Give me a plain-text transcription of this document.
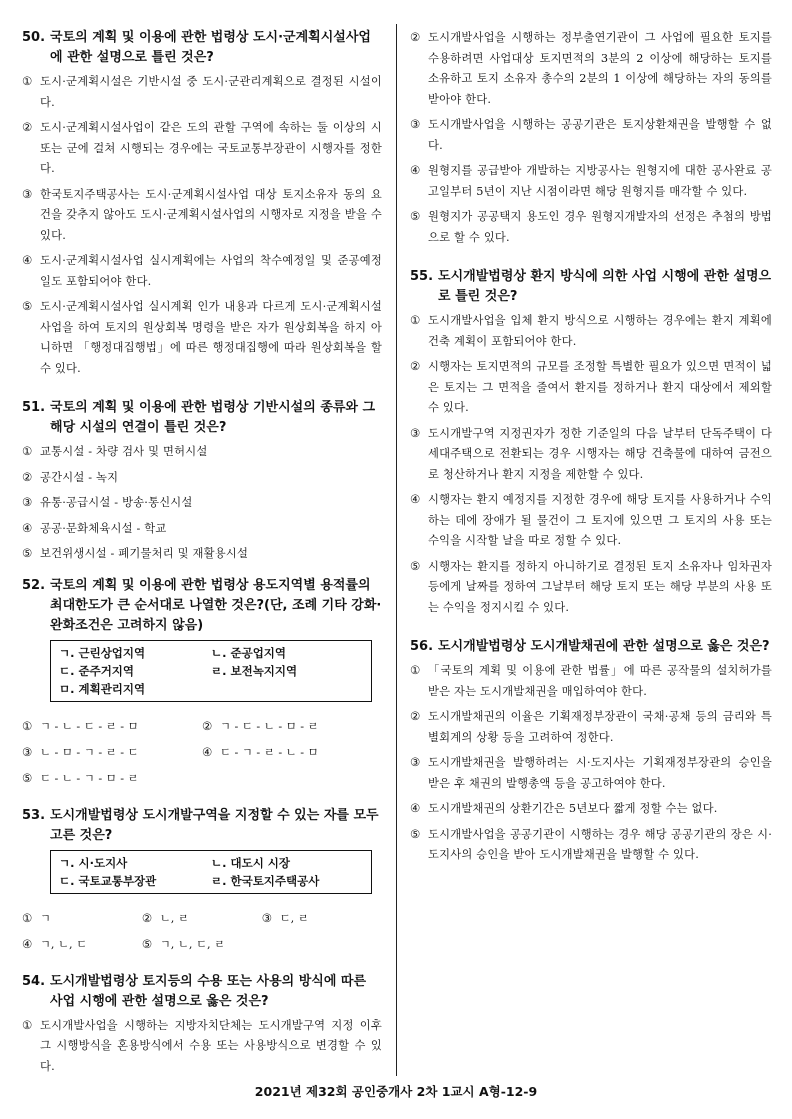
50. 국토의 계획 및 이용에 관한 법령상 도시·군계획시설사업에 관한 설명으로 틀린 것은?
① 도시·군계획시설은 기반시설 중 도시·군관리계획으로 결정된 시설이다.
② 도시·군계획시설사업이 같은 도의 관할 구역에 속하는 둘 이상의 시 또는 군에 걸쳐 시행되는 경우에는 국토교통부장관이 시행자를 정한다.
③ 한국토지주택공사는 도시·군계획시설사업 대상 토지소유자 동의 요건을 갖추지 않아도 도시·군계획시설사업의 시행자로 지정을 받을 수 있다.
④ 도시·군계획시설사업 실시계획에는 사업의 착수예정일 및 준공예정일도 포함되어야 한다.
⑤ 도시·군계획시설사업 실시계획 인가 내용과 다르게 도시·군계획시설사업을 하여 토지의 원상회복 명령을 받은 자가 원상회복을 하지 아니하면 「행정대집행법」에 따른 행정대집행에 따라 원상회복을 할 수 있다.
51. 국토의 계획 및 이용에 관한 법령상 기반시설의 종류와 그 해당 시설의 연결이 틀린 것은?
① 교통시설 - 차량 검사 및 면허시설
② 공간시설 - 녹지
③ 유통·공급시설 - 방송·통신시설
④ 공공·문화체육시설 - 학교
⑤ 보건위생시설 - 폐기물처리 및 재활용시설
52. 국토의 계획 및 이용에 관한 법령상 용도지역별 용적률의 최대한도가 큰 순서대로 나열한 것은?(단, 조례 기타 강화·완화조건은 고려하지 않음)
ㄱ. 근린상업지역	ㄴ. 준공업지역
ㄷ. 준주거지역	ㄹ. 보전녹지지역
ㅁ. 계획관리지역
① ㄱ - ㄴ - ㄷ - ㄹ - ㅁ	② ㄱ - ㄷ - ㄴ - ㅁ - ㄹ
③ ㄴ - ㅁ - ㄱ - ㄹ - ㄷ	④ ㄷ - ㄱ - ㄹ - ㄴ - ㅁ
⑤ ㄷ - ㄴ - ㄱ - ㅁ - ㄹ
53. 도시개발법령상 도시개발구역을 지정할 수 있는 자를 모두 고른 것은?
ㄱ. 시·도지사	ㄴ. 대도시 시장
ㄷ. 국토교통부장관	ㄹ. 한국토지주택공사
① ㄱ	② ㄴ, ㄹ	③ ㄷ, ㄹ
④ ㄱ, ㄴ, ㄷ	⑤ ㄱ, ㄴ, ㄷ, ㄹ
54. 도시개발법령상 토지등의 수용 또는 사용의 방식에 따른 사업 시행에 관한 설명으로 옳은 것은?
① 도시개발사업을 시행하는 지방자치단체는 도시개발구역 지정 이후 그 시행방식을 혼용방식에서 수용 또는 사용방식으로 변경할 수 있다.
② 도시개발사업을 시행하는 정부출연기관이 그 사업에 필요한 토지를 수용하려면 사업대상 토지면적의 3분의 2 이상에 해당하는 토지를 소유하고 토지 소유자 총수의 2분의 1 이상에 해당하는 자의 동의를 받아야 한다.
③ 도시개발사업을 시행하는 공공기관은 토지상환채권을 발행할 수 없다.
④ 원형지를 공급받아 개발하는 지방공사는 원형지에 대한 공사완료 공고일부터 5년이 지난 시점이라면 해당 원형지를 매각할 수 있다.
⑤ 원형지가 공공택지 용도인 경우 원형지개발자의 선정은 추첨의 방법으로 할 수 있다.
55. 도시개발법령상 환지 방식에 의한 사업 시행에 관한 설명으로 틀린 것은?
① 도시개발사업을 입체 환지 방식으로 시행하는 경우에는 환지 계획에 건축 계획이 포함되어야 한다.
② 시행자는 토지면적의 규모를 조정할 특별한 필요가 있으면 면적이 넓은 토지는 그 면적을 줄여서 환지를 정하거나 환지 대상에서 제외할 수 있다.
③ 도시개발구역 지정권자가 정한 기준일의 다음 날부터 단독주택이 다세대주택으로 전환되는 경우 시행자는 해당 건축물에 대하여 금전으로 청산하거나 환지 지정을 제한할 수 있다.
④ 시행자는 환지 예정지를 지정한 경우에 해당 토지를 사용하거나 수익하는 데에 장애가 될 물건이 그 토지에 있으면 그 토지의 사용 또는 수익을 시작할 날을 따로 정할 수 있다.
⑤ 시행자는 환지를 정하지 아니하기로 결정된 토지 소유자나 임차권자등에게 날짜를 정하여 그날부터 해당 토지 또는 해당 부분의 사용 또는 수익을 정지시킬 수 있다.
56. 도시개발법령상 도시개발채권에 관한 설명으로 옳은 것은?
① 「국토의 계획 및 이용에 관한 법률」에 따른 공작물의 설치허가를 받은 자는 도시개발채권을 매입하여야 한다.
② 도시개발채권의 이율은 기획재정부장관이 국채·공채 등의 금리와 특별회계의 상황 등을 고려하여 정한다.
③ 도시개발채권을 발행하려는 시·도지사는 기획재정부장관의 승인을 받은 후 채권의 발행총액 등을 공고하여야 한다.
④ 도시개발채권의 상환기간은 5년보다 짧게 정할 수는 없다.
⑤ 도시개발사업을 공공기관이 시행하는 경우 해당 공공기관의 장은 시·도지사의 승인을 받아 도시개발채권을 발행할 수 있다.
2021년 제32회 공인중개사 2차 1교시 A형-12-9
